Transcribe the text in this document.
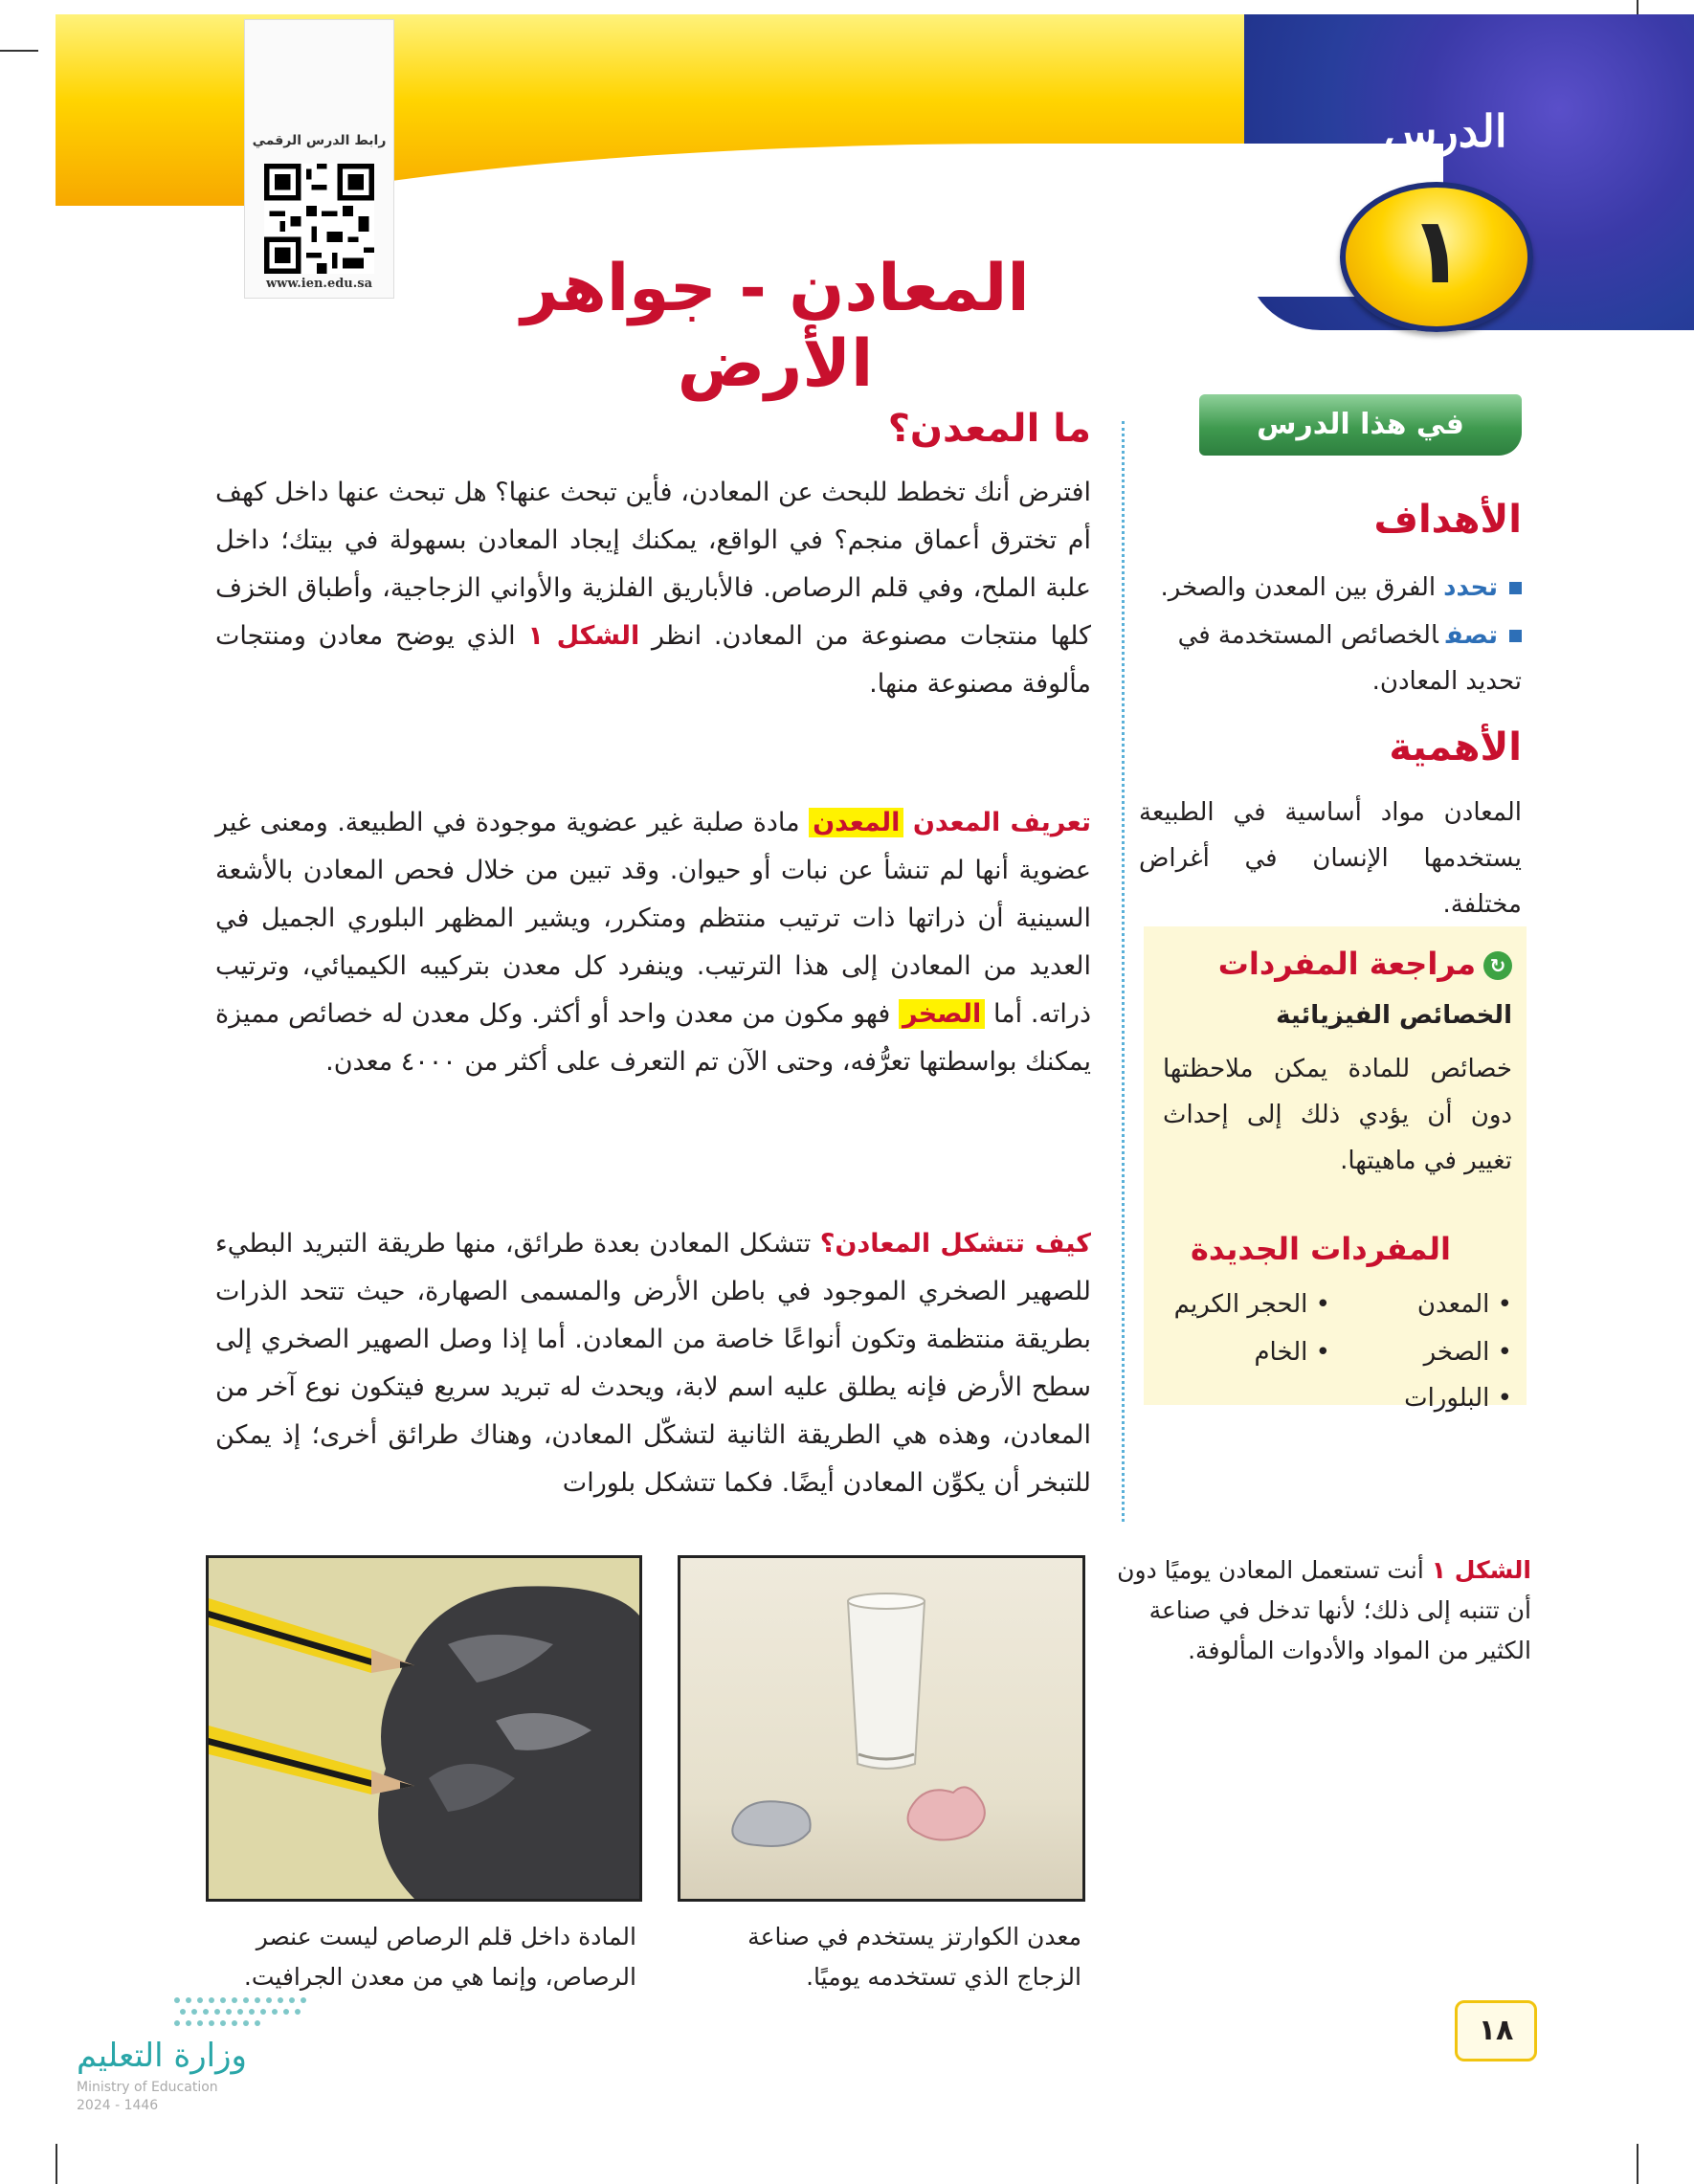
الدرس
١
رابط الدرس الرقمي
www.ien.edu.sa	المعادن - جواهر الأرض
في هذا الدرس
الأهداف
تحددالفرق بين المعدن والصخر.
تصفالخصائص المستخدمة في تحديد المعادن.
الأهمية
المعادن مواد أساسية في الطبيعة يستخدمها الإنسان في أغراض مختلفة.
↻مراجعة المفردات
الخصائص الفيزيائية
خصائص للمادة يمكن ملاحظتها دون أن يؤدي ذلك إلى إحداث تغيير في ماهيتها.
المفردات الجديدة
• المعدن
• الحجر الكريم
• الصخر
• الخام
• البلورات
ما المعدن؟
افترض أنك تخطط للبحث عن المعادن، فأين تبحث عنها؟ هل تبحث عنها داخل كهف أم تخترق أعماق منجم؟ في الواقع، يمكنك إيجاد المعادن بسهولة في بيتك؛ داخل علبة الملح، وفي قلم الرصاص. فالأباريق الفلزية والأواني الزجاجية، وأطباق الخزف كلها منتجات مصنوعة من المعادن. انظر الشكل ١ الذي يوضح معادن ومنتجات مألوفة مصنوعة منها.
تعريف المعدن المعدن مادة صلبة غير عضوية موجودة في الطبيعة. ومعنى غير عضوية أنها لم تنشأ عن نبات أو حيوان. وقد تبين من خلال فحص المعادن بالأشعة السينية أن ذراتها ذات ترتيب منتظم ومتكرر، ويشير المظهر البلوري الجميل في العديد من المعادن إلى هذا الترتيب. وينفرد كل معدن بتركيبه الكيميائي، وترتيب ذراته. أما الصخر فهو مكون من معدن واحد أو أكثر. وكل معدن له خصائص مميزة يمكنك بواسطتها تعرُّفه، وحتى الآن تم التعرف على أكثر من ٤٠٠٠ معدن.
كيف تتشكل المعادن؟ تتشكل المعادن بعدة طرائق، منها طريقة التبريد البطيء للصهير الصخري الموجود في باطن الأرض والمسمى الصهارة، حيث تتحد الذرات بطريقة منتظمة وتكون أنواعًا خاصة من المعادن. أما إذا وصل الصهير الصخري إلى سطح الأرض فإنه يطلق عليه اسم لابة، ويحدث له تبريد سريع فيتكون نوع آخر من المعادن، وهذه هي الطريقة الثانية لتشكّل المعادن، وهناك طرائق أخرى؛ إذ يمكن للتبخر أن يكوِّن المعادن أيضًا. فكما تتشكل بلورات
الشكل ١ أنت تستعمل المعادن يوميًا دون أن تتنبه إلى ذلك؛ لأنها تدخل في صناعة الكثير من المواد والأدوات المألوفة.
معدن الكوارتز يستخدم في صناعة الزجاج الذي تستخدمه يوميًا.
المادة داخل قلم الرصاص ليست عنصر الرصاص، وإنما هي من معدن الجرافيت.
١٨
وزارة التعليم
Ministry of Education
2024 - 1446
